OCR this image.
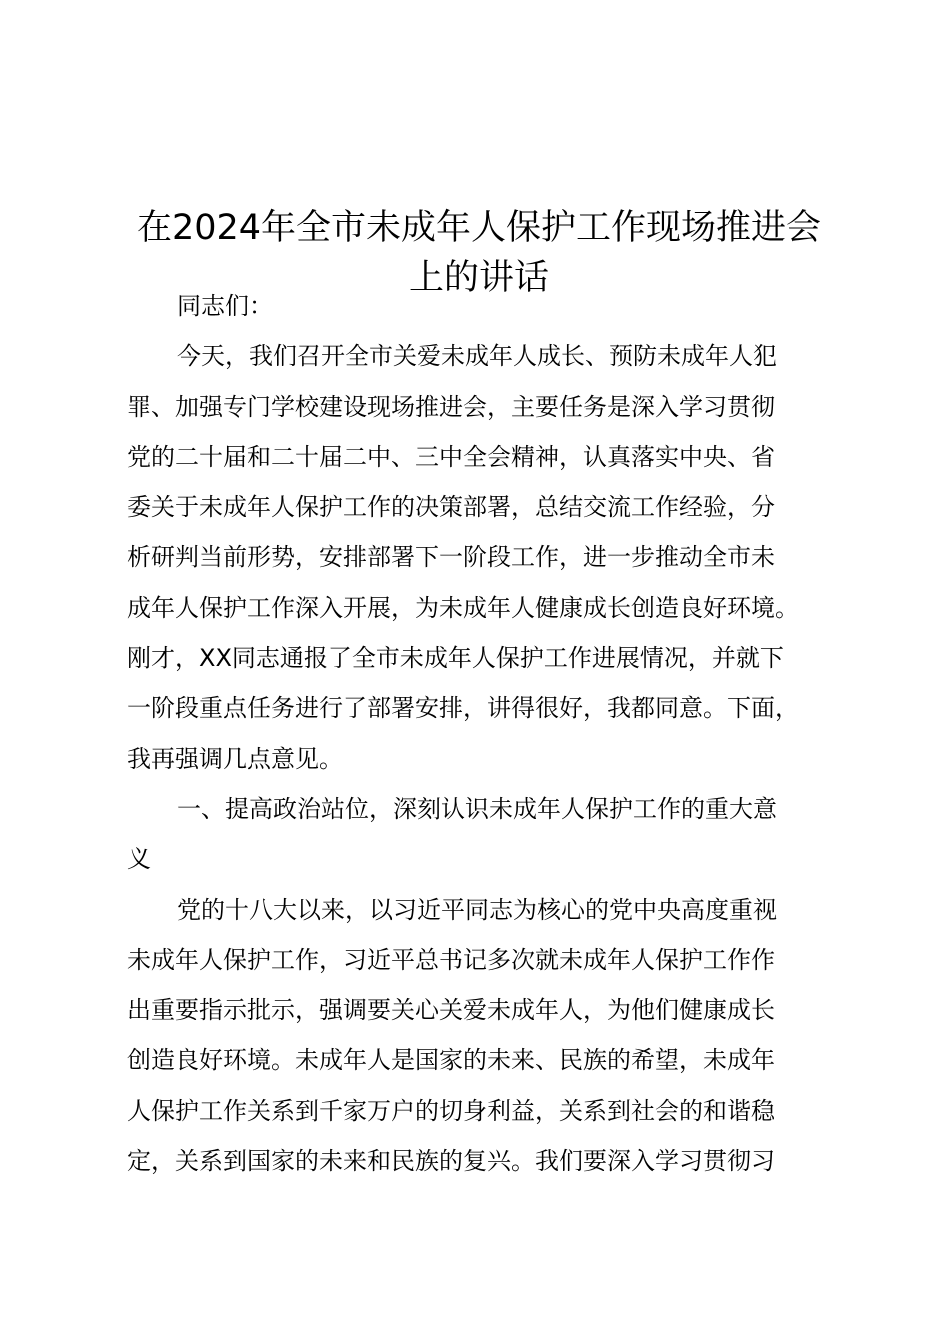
在2024年全市未成年人保护工作现场推进会
上的讲话

同志们：

今天，我们召开全市关爱未成年人成长、预防未成年人犯
罪、加强专门学校建设现场推进会，主要任务是深入学习贯彻
党的二十届和二十届二中、三中全会精神，认真落实中央、省
委关于未成年人保护工作的决策部署，总结交流工作经验，分
析研判当前形势，安排部署下一阶段工作，进一步推动全市未
成年人保护工作深入开展，为未成年人健康成长创造良好环境。
刚才，XX同志通报了全市未成年人保护工作进展情况，并就下
一阶段重点任务进行了部署安排，讲得很好，我都同意。下面，
我再强调几点意见。

一、提高政治站位，深刻认识未成年人保护工作的重大意
义

党的十八大以来，以习近平同志为核心的党中央高度重视
未成年人保护工作，习近平总书记多次就未成年人保护工作作
出重要指示批示，强调要关心关爱未成年人，为他们健康成长
创造良好环境。未成年人是国家的未来、民族的希望，未成年
人保护工作关系到千家万户的切身利益，关系到社会的和谐稳
定，关系到国家的未来和民族的复兴。我们要深入学习贯彻习
